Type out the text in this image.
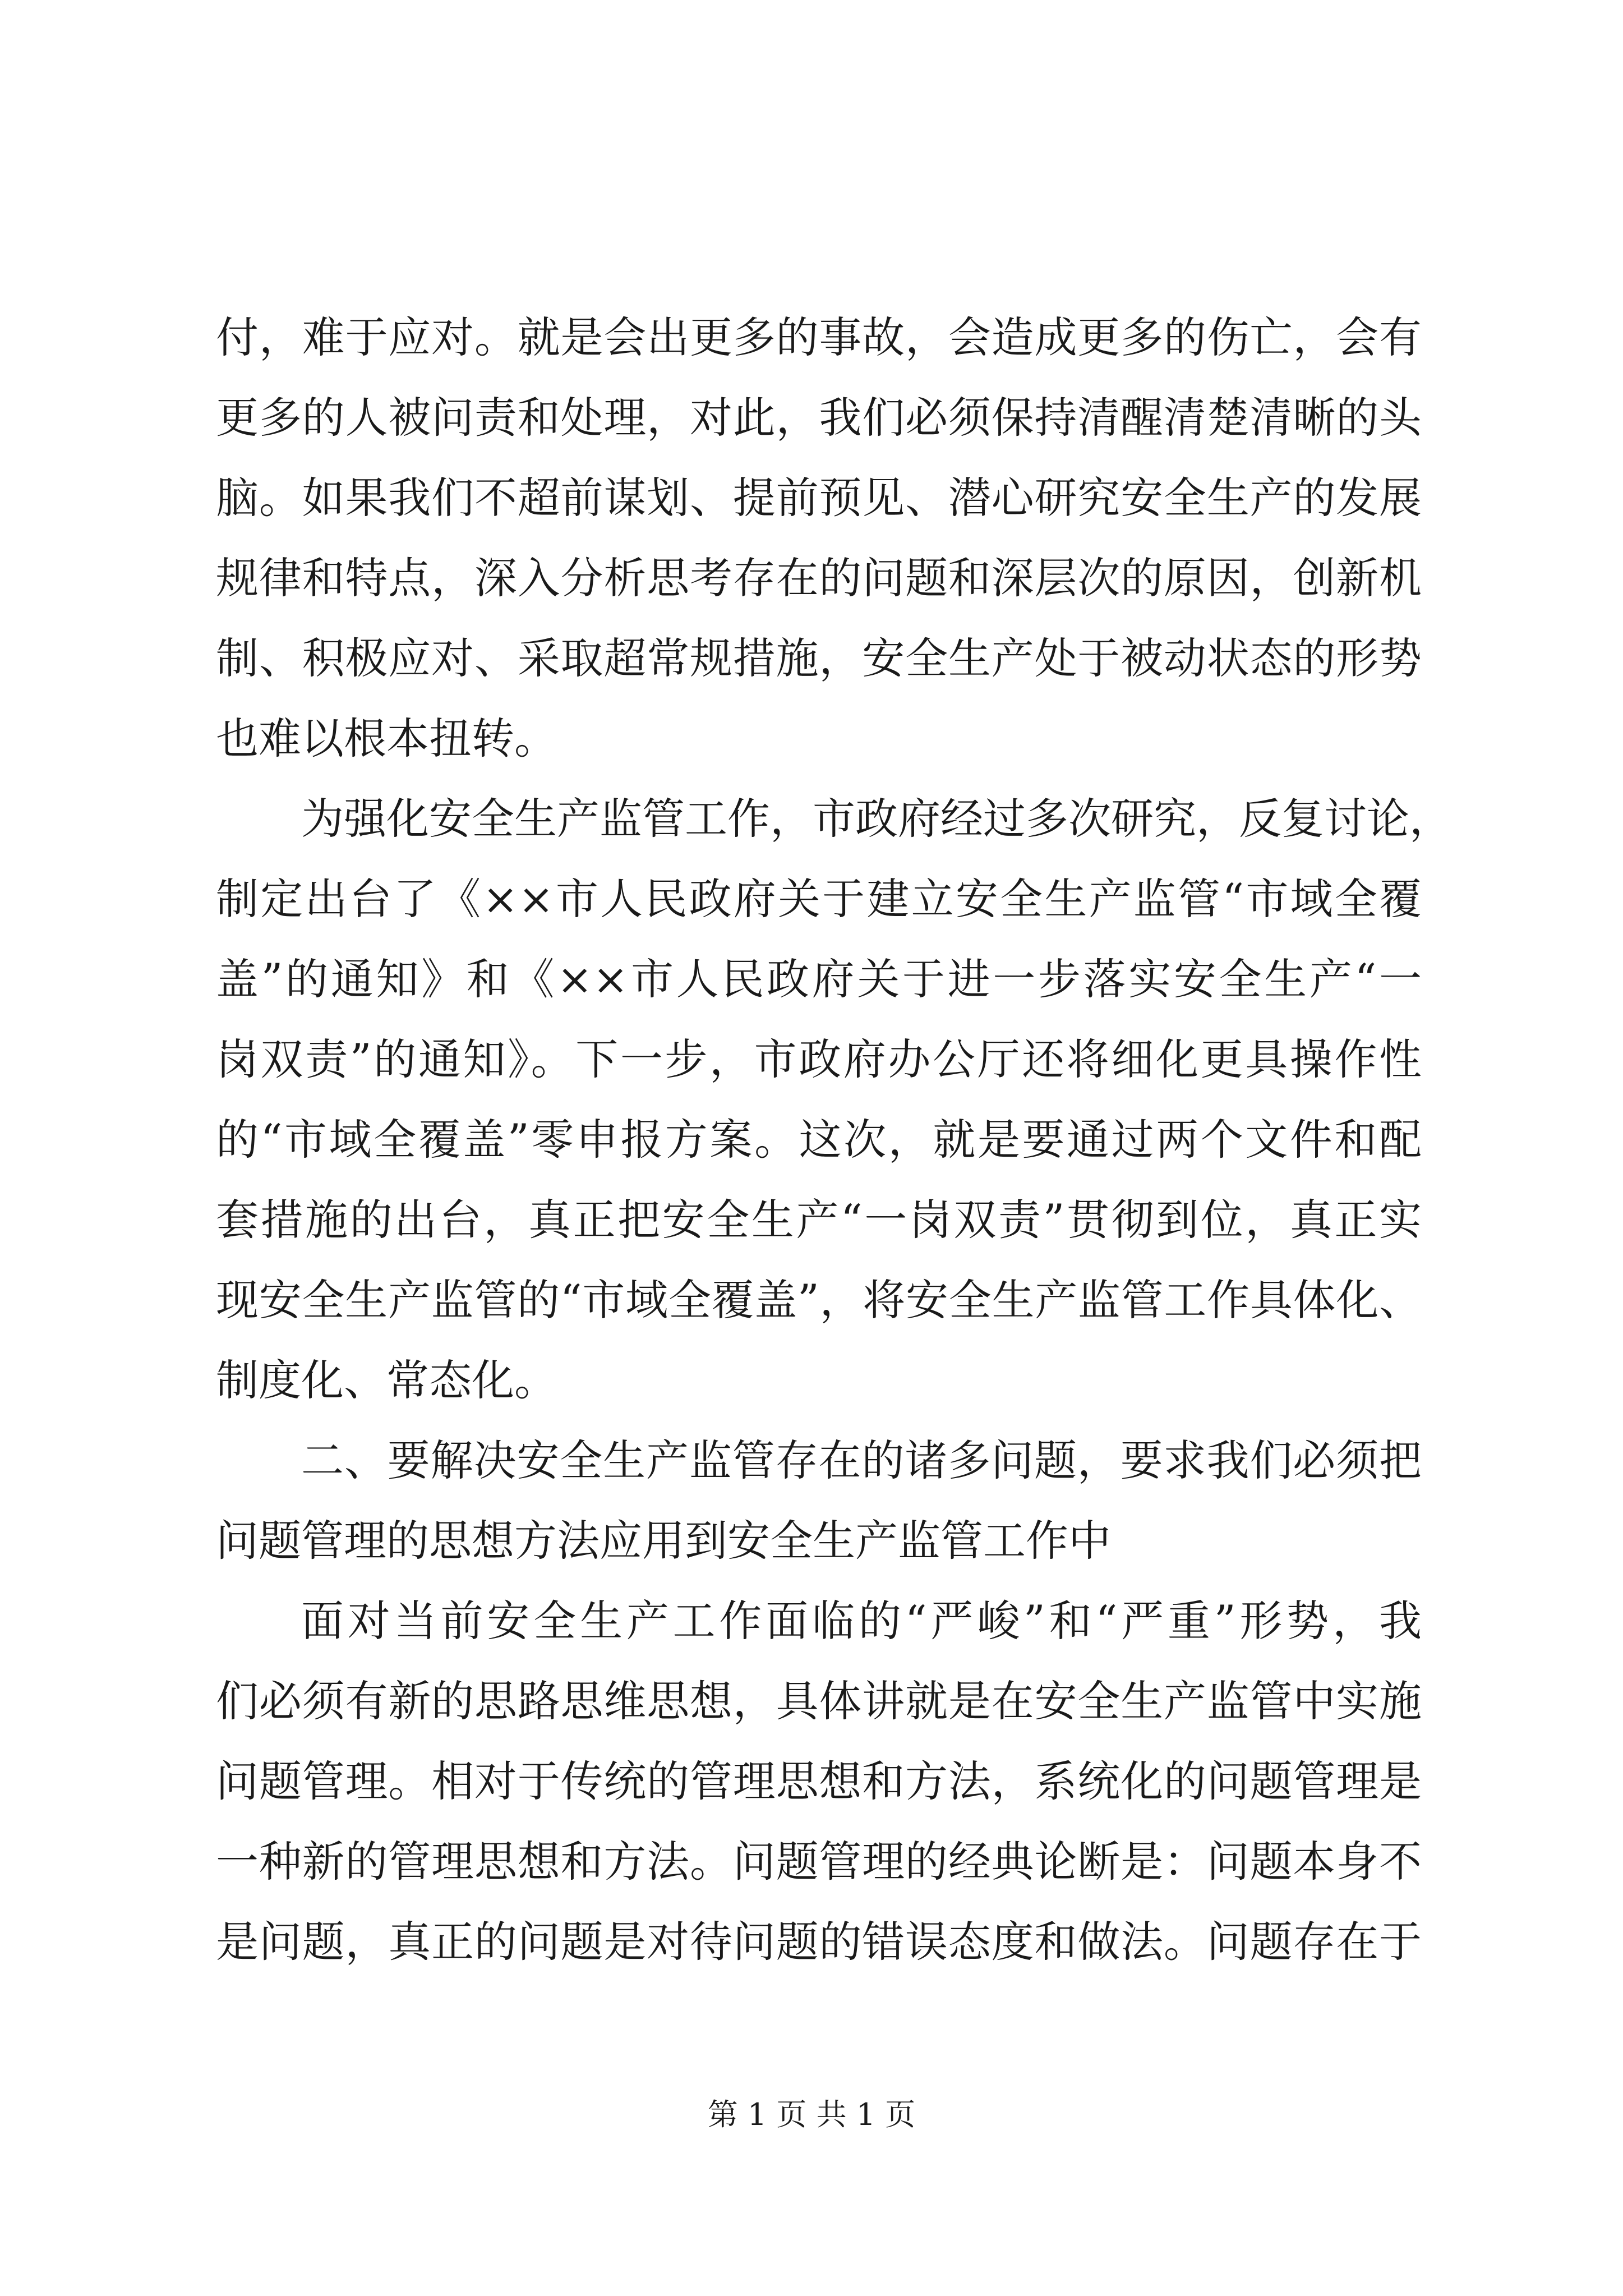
付，难于应对。就是会出更多的事故，会造成更多的伤亡，会有
更多的人被问责和处理，对此，我们必须保持清醒清楚清晰的头
脑。如果我们不超前谋划、提前预见、潜心研究安全生产的发展
规律和特点，深入分析思考存在的问题和深层次的原因，创新机
制、积极应对、采取超常规措施，安全生产处于被动状态的形势
也难以根本扭转。
为强化安全生产监管工作，市政府经过多次研究，反复讨论，
制定出台了《××市人民政府关于建立安全生产监管“市域全覆
盖”的通知》和《××市人民政府关于进一步落实安全生产“一
岗双责”的通知》。下一步，市政府办公厅还将细化更具操作性
的“市域全覆盖”零申报方案。这次，就是要通过两个文件和配
套措施的出台，真正把安全生产“一岗双责”贯彻到位，真正实
现安全生产监管的“市域全覆盖”，将安全生产监管工作具体化、
制度化、常态化。
二、要解决安全生产监管存在的诸多问题，要求我们必须把
问题管理的思想方法应用到安全生产监管工作中
面对当前安全生产工作面临的“严峻”和“严重”形势，我
们必须有新的思路思维思想，具体讲就是在安全生产监管中实施
问题管理。相对于传统的管理思想和方法，系统化的问题管理是
一种新的管理思想和方法。问题管理的经典论断是：问题本身不
是问题，真正的问题是对待问题的错误态度和做法。问题存在于
第 1 页 共 1 页
